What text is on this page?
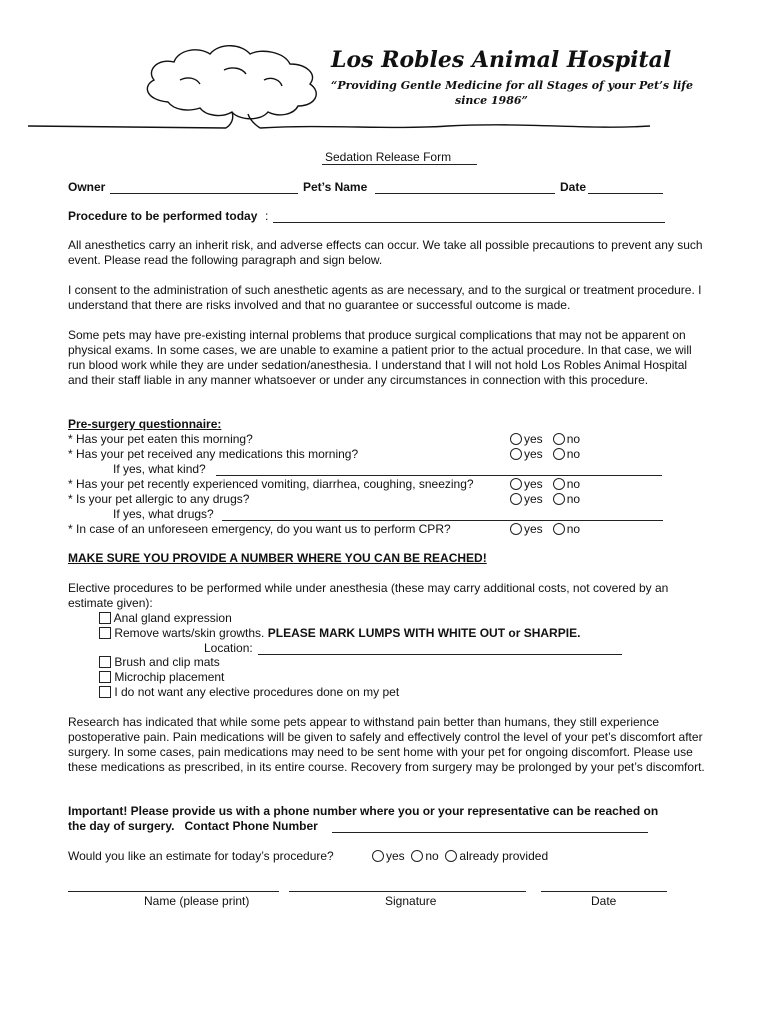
Los Robles Animal Hospital
“Providing Gentle Medicine for all Stages of your Pet’s life
since 1986”
Sedation Release Form
Owner	Pet’s Name	Date
Procedure to be performed today :
All anesthetics carry an inherit risk, and adverse effects can occur. We take all possible precautions to prevent any such event. Please read the following paragraph and sign below.
I consent to the administration of such anesthetic agents as are necessary, and to the surgical or treatment procedure. I understand that there are risks involved and that no guarantee or successful outcome is made.
Some pets may have pre-existing internal problems that produce surgical complications that may not be apparent on physical exams. In some cases, we are unable to examine a patient prior to the actual procedure. In that case, we will run blood work while they are under sedation/anesthesia. I understand that I will not hold Los Robles Animal Hospital and their staff liable in any manner whatsoever or under any circumstances in connection with this procedure.
Pre-surgery questionnaire:
* Has your pet eaten this morning?	yes no
* Has your pet received any medications this morning?	yes no
If yes, what kind?
* Has your pet recently experienced vomiting, diarrhea, coughing, sneezing?	yes no
* Is your pet allergic to any drugs?	yes no
If yes, what drugs?
* In case of an unforeseen emergency, do you want us to perform CPR?	yes no
MAKE SURE YOU PROVIDE A NUMBER WHERE YOU CAN BE REACHED!
Elective procedures to be performed while under anesthesia (these may carry additional costs, not covered by an estimate given):
Anal gland expression
Remove warts/skin growths. PLEASE MARK LUMPS WITH WHITE OUT or SHARPIE.
Location:
Brush and clip mats
Microchip placement
I do not want any elective procedures done on my pet
Research has indicated that while some pets appear to withstand pain better than humans, they still experience postoperative pain. Pain medications will be given to safely and effectively control the level of your pet’s discomfort after surgery. In some cases, pain medications may need to be sent home with your pet for ongoing discomfort. Please use these medications as prescribed, in its entire course. Recovery from surgery may be prolonged by your pet’s discomfort.
Important! Please provide us with a phone number where you or your representative can be reached on
the day of surgery.   Contact Phone Number
Would you like an estimate for today’s procedure?	yes no already provided
Name (please print)	Signature	Date
